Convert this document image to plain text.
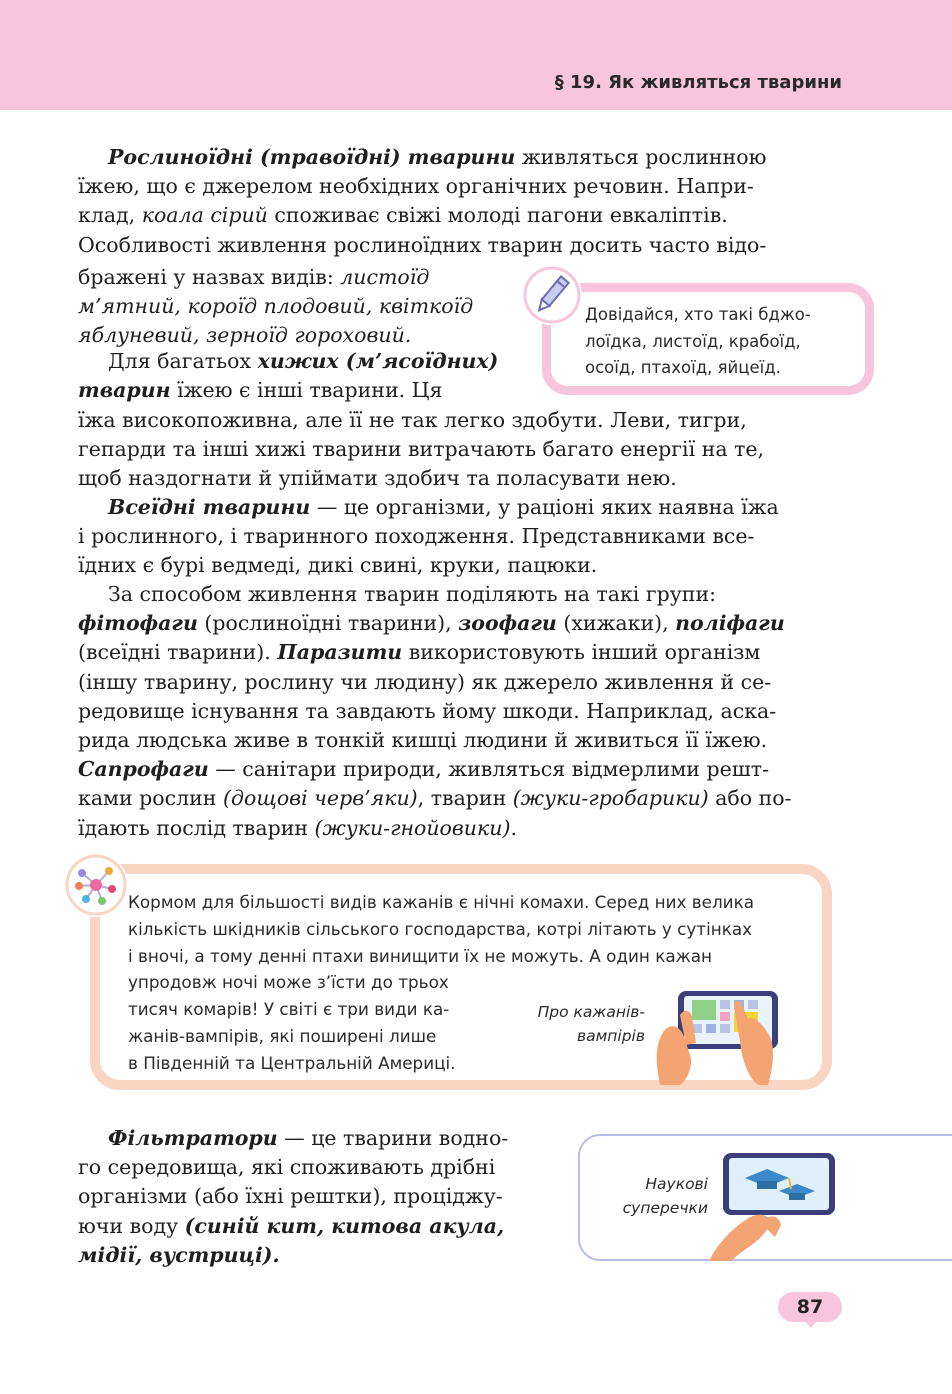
§ 19. Як живляться тварини

Рослиноїдні (травоїдні) тварини живляться рослинною
їжею, що є джерелом необхідних органічних речовин. Напри-
клад, коала сірий споживає свіжі молоді пагони евкаліптів.
Особливості живлення рослиноїдних тварин досить часто відо-

бражені у назвах видів: листоїд
м’ятний, короїд плодовий, квіткоїд
яблуневий, зерноїд гороховий.

Для багатьох хижих (м’ясоїдних)
тварин їжею є інші тварини. Ця

їжа високопоживна, але її не так легко здобути. Леви, тигри,
гепарди та інші хижі тварини витрачають багато енергії на те,
щоб наздогнати й упіймати здобич та поласувати нею.

Всеїдні тварини — це організми, у раціоні яких наявна їжа
і рослинного, і тваринного походження. Представниками все-
їдних є бурі ведмеді, дикі свині, круки, пацюки.

За способом живлення тварин поділяють на такі групи:
фітофаги (рослиноїдні тварини), зоофаги (хижаки), поліфаги
(всеїдні тварини). Паразити використовують інший організм
(іншу тварину, рослину чи людину) як джерело живлення й се-
редовище існування та завдають йому шкоди. Наприклад, аска-
рида людська живе в тонкій кишці людини й живиться її їжею.
Сапрофаги — санітари природи, живляться відмерлими решт-
ками рослин (дощові черв’яки), тварин (жуки-гробарики) або по-
їдають послід тварин (жуки-гнойовики).

Довідайся, хто такі бджо-
лоїдка, листоїд, крабоїд,
осоїд, птахоїд, яйцеїд.
Кормом для більшості видів кажанів є нічні комахи. Серед них велика
кількість шкідників сільського господарства, котрі літають у сутінках
і вночі, а тому денні птахи винищити їх не можуть. А один кажан
упродовж ночі може з’їсти до трьох
тисяч комарів! У світі є три види ка-
жанів-вампірів, які поширені лише
в Південній та Центральній Америці.
Про кажанів-
вампірів

Фільтратори — це тварини водно-
го середовища, які споживають дрібні
організми (або їхні рештки), проціджу-
ючи воду (синій кит, китова акула,
мідії, вустриці).

Наукові
суперечки
87
